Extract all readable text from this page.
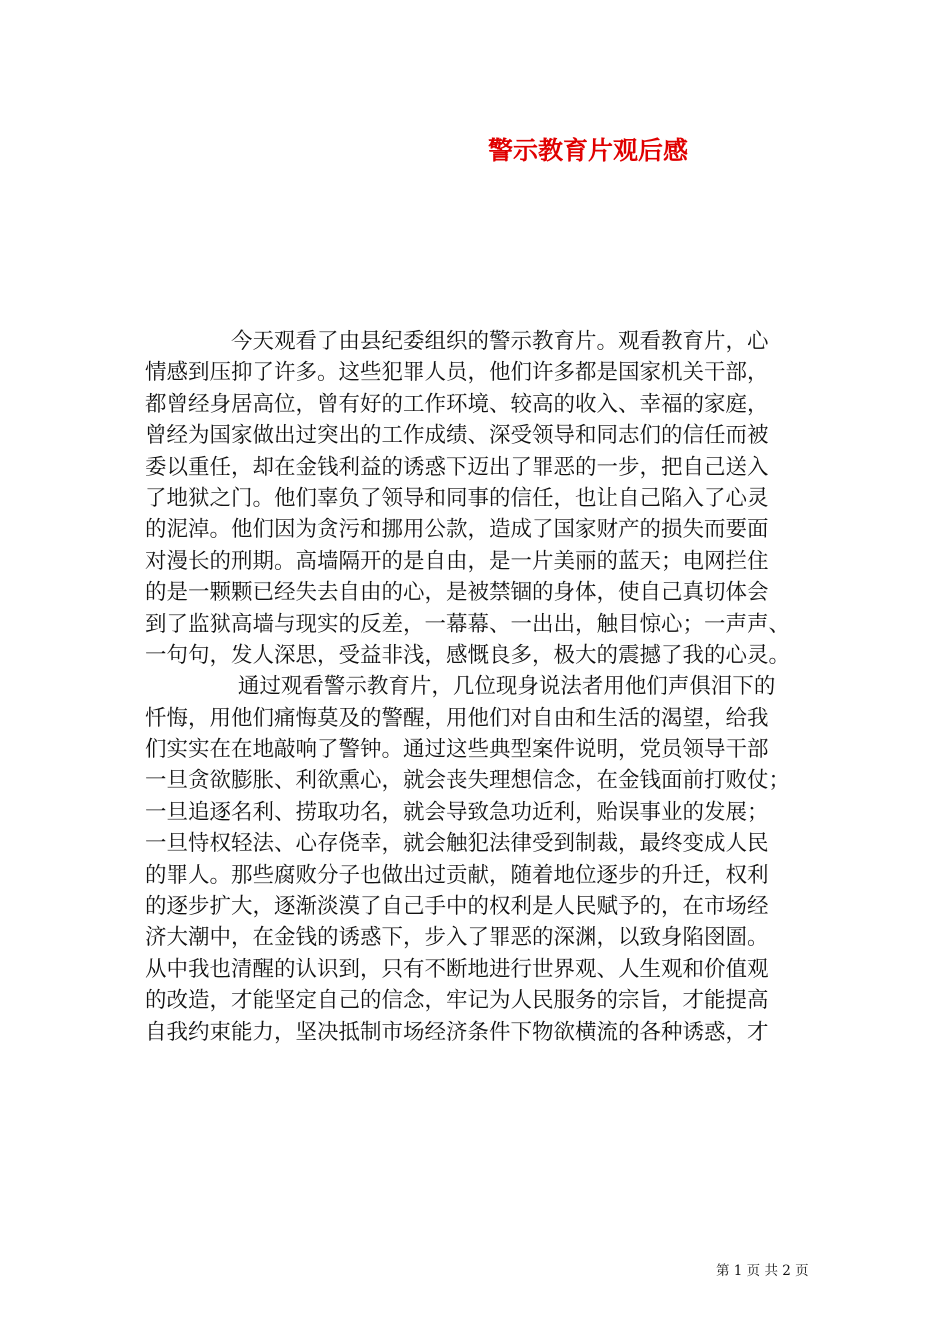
警示教育片观后感
　　　　今天观看了由县纪委组织的警示教育片。观看教育片，心
情感到压抑了许多。这些犯罪人员，他们许多都是国家机关干部，
都曾经身居高位，曾有好的工作环境、较高的收入、幸福的家庭，
曾经为国家做出过突出的工作成绩、深受领导和同志们的信任而被
委以重任，却在金钱利益的诱惑下迈出了罪恶的一步，把自己送入
了地狱之门。他们辜负了领导和同事的信任，也让自己陷入了心灵
的泥淖。他们因为贪污和挪用公款，造成了国家财产的损失而要面
对漫长的刑期。高墙隔开的是自由，是一片美丽的蓝天；电网拦住
的是一颗颗已经失去自由的心，是被禁锢的身体，使自己真切体会
到了监狱高墙与现实的反差，一幕幕、一出出，触目惊心；一声声、
一句句，发人深思，受益非浅，感慨良多，极大的震撼了我的心灵。
　　　　 通过观看警示教育片，几位现身说法者用他们声俱泪下的
忏悔，用他们痛悔莫及的警醒，用他们对自由和生活的渴望，给我
们实实在在地敲响了警钟。通过这些典型案件说明，党员领导干部
一旦贪欲膨胀、利欲熏心，就会丧失理想信念，在金钱面前打败仗；
一旦追逐名利、捞取功名，就会导致急功近利，贻误事业的发展；
一旦恃权轻法、心存侥幸，就会触犯法律受到制裁，最终变成人民
的罪人。那些腐败分子也做出过贡献，随着地位逐步的升迁，权利
的逐步扩大，逐渐淡漠了自己手中的权利是人民赋予的，在市场经
济大潮中，在金钱的诱惑下，步入了罪恶的深渊，以致身陷囹圄。
从中我也清醒的认识到，只有不断地进行世界观、人生观和价值观
的改造，才能坚定自己的信念，牢记为人民服务的宗旨，才能提高
自我约束能力，坚决抵制市场经济条件下物欲横流的各种诱惑，才
第 1 页 共 2 页
